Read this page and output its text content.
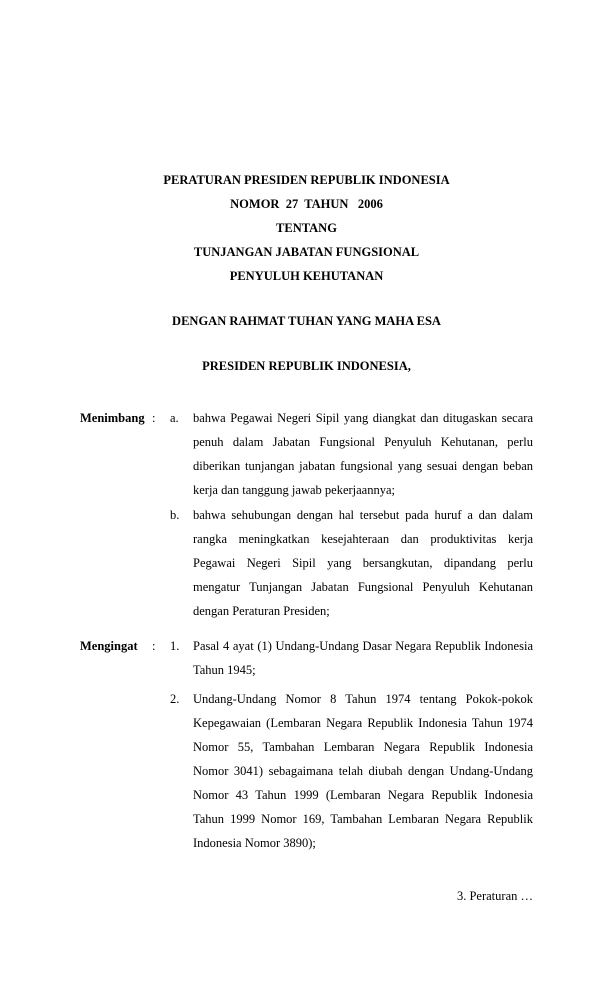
PERATURAN PRESIDEN REPUBLIK INDONESIA
NOMOR  27  TAHUN   2006
TENTANG
TUNJANGAN JABATAN FUNGSIONAL
PENYULUH KEHUTANAN
DENGAN RAHMAT TUHAN YANG MAHA ESA
PRESIDEN REPUBLIK INDONESIA,
Menimbang :	a.	bahwa Pegawai Negeri Sipil yang diangkat dan ditugaskan secara penuh dalam Jabatan Fungsional Penyuluh Kehutanan, perlu diberikan tunjangan jabatan fungsional yang sesuai dengan beban kerja dan tanggung jawab pekerjaannya;
b.	bahwa sehubungan dengan hal tersebut pada huruf a dan dalam rangka meningkatkan kesejahteraan dan produktivitas kerja Pegawai Negeri Sipil yang bersangkutan, dipandang perlu mengatur Tunjangan Jabatan Fungsional Penyuluh Kehutanan dengan Peraturan Presiden;
Mengingat	:	1.	Pasal 4 ayat (1) Undang-Undang Dasar Negara Republik Indonesia Tahun 1945;
2.	Undang-Undang Nomor 8 Tahun 1974 tentang Pokok-pokok Kepegawaian (Lembaran Negara Republik Indonesia Tahun 1974 Nomor 55, Tambahan Lembaran Negara Republik Indonesia Nomor 3041) sebagaimana telah diubah dengan Undang-Undang Nomor 43 Tahun 1999 (Lembaran Negara Republik Indonesia Tahun 1999 Nomor 169, Tambahan Lembaran Negara Republik Indonesia Nomor 3890);
3. Peraturan …
